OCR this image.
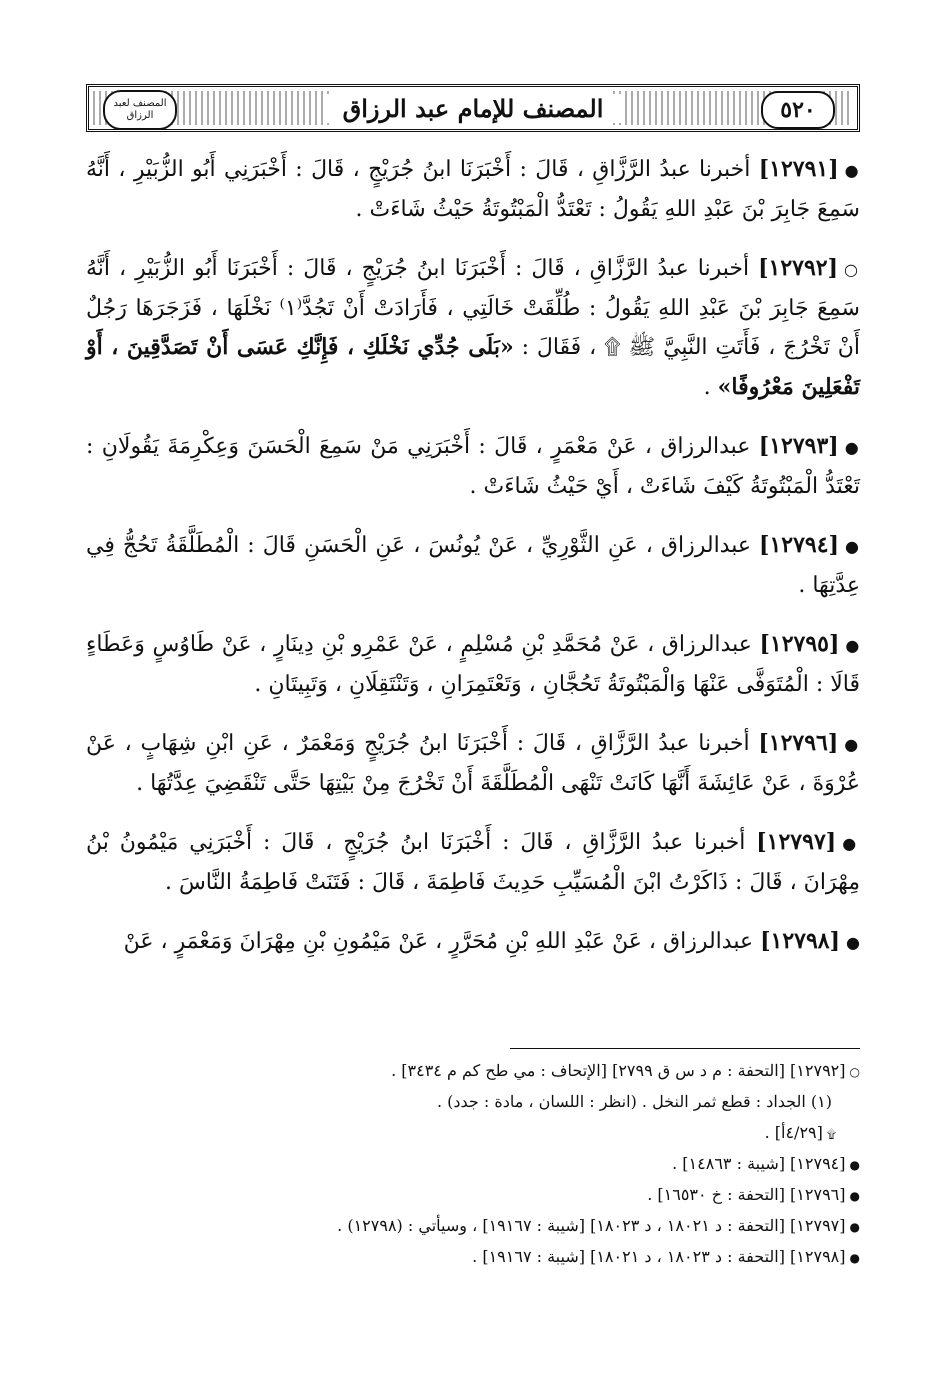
٥٢٠
المصنف للإمام عبد الرزاق
المصنف لعبد الرزاق

●[١٢٧٩١] أخبرنا عبدُ الرَّزَّاقِ ، قَالَ : أَخْبَرَنَا ابنُ جُرَيْجٍ ، قَالَ : أَخْبَرَنِي أَبُو الزُّبَيْرِ ، أَنَّهُ سَمِعَ جَابِرَ بْنَ عَبْدِ اللهِ يَقُولُ : تَعْتَدُّ الْمَبْتُوتَةُ حَيْثُ شَاءَتْ .

○[١٢٧٩٢] أخبرنا عبدُ الرَّزَّاقِ ، قَالَ : أَخْبَرَنَا ابنُ جُرَيْجٍ ، قَالَ : أَخْبَرَنَا أَبُو الزُّبَيْرِ ، أَنَّهُ سَمِعَ جَابِرَ بْنَ عَبْدِ اللهِ يَقُولُ : طُلِّقَتْ خَالَتِي ، فَأَرَادَتْ أَنْ تَجُدَّ⁽١⁾ نَخْلَهَا ، فَزَجَرَهَا رَجُلٌ أَنْ تَخْرُجَ ، فَأَتَتِ النَّبِيَّ ﷺ ۩ ، فَقَالَ : «بَلَى جُدِّي نَخْلَكِ ، فَإِنَّكِ عَسَى أَنْ تَصَدَّقِينَ ، أَوْ تَفْعَلِينَ مَعْرُوفًا» .

●[١٢٧٩٣] عبدالرزاق ، عَنْ مَعْمَرٍ ، قَالَ : أَخْبَرَنِي مَنْ سَمِعَ الْحَسَنَ وَعِكْرِمَةَ يَقُولَانِ : تَعْتَدُّ الْمَبْتُوتَةُ كَيْفَ شَاءَتْ ، أَيْ حَيْثُ شَاءَتْ .

●[١٢٧٩٤] عبدالرزاق ، عَنِ الثَّوْرِيِّ ، عَنْ يُونُسَ ، عَنِ الْحَسَنِ قَالَ : الْمُطَلَّقَةُ تَحُجُّ فِي عِدَّتِهَا .

●[١٢٧٩٥] عبدالرزاق ، عَنْ مُحَمَّدِ بْنِ مُسْلِمٍ ، عَنْ عَمْرِو بْنِ دِينَارٍ ، عَنْ طَاوُسٍ وَعَطَاءٍ قَالَا : الْمُتَوَفَّى عَنْهَا وَالْمَبْتُوتَةُ تَحُجَّانِ ، وَتَعْتَمِرَانِ ، وَتَنْتَقِلَانِ ، وَتَبِيتَانِ .

●[١٢٧٩٦] أخبرنا عبدُ الرَّزَّاقِ ، قَالَ : أَخْبَرَنَا ابنُ جُرَيْجٍ وَمَعْمَرٌ ، عَنِ ابْنِ شِهَابٍ ، عَنْ عُرْوَةَ ، عَنْ عَائِشَةَ أَنَّهَا كَانَتْ تَنْهَى الْمُطَلَّقَةَ أَنْ تَخْرُجَ مِنْ بَيْتِهَا حَتَّى تَنْقَضِيَ عِدَّتُهَا .

●[١٢٧٩٧] أخبرنا عبدُ الرَّزَّاقِ ، قَالَ : أَخْبَرَنَا ابنُ جُرَيْجٍ ، قَالَ : أَخْبَرَنِي مَيْمُونُ بْنُ مِهْرَانَ ، قَالَ : ذَاكَرْتُ ابْنَ الْمُسَيِّبِ حَدِيثَ فَاطِمَةَ ، قَالَ : فَتَنَتْ فَاطِمَةُ النَّاسَ .

●[١٢٧٩٨] عبدالرزاق ، عَنْ عَبْدِ اللهِ بْنِ مُحَرَّرٍ ، عَنْ مَيْمُونِ بْنِ مِهْرَانَ وَمَعْمَرٍ ، عَنْ

○[١٢٧٩٢] [التحفة : م د س ق ٢٧٩٩] [الإتحاف : مي طح كم م ٣٤٣٤] .
(١) الجداد : قطع ثمر النخل . (انظر : اللسان ، مادة : جدد) .
۩[٤/٢٩أ] .
●[١٢٧٩٤] [شيبة : ١٤٨٦٣] .
●[١٢٧٩٦] [التحفة : خ ١٦٥٣٠] .
●[١٢٧٩٧] [التحفة : د ١٨٠٢١ ، د ١٨٠٢٣] [شيبة : ١٩١٦٧] ، وسيأتي : (١٢٧٩٨) .
●[١٢٧٩٨] [التحفة : د ١٨٠٢٣ ، د ١٨٠٢١] [شيبة : ١٩١٦٧] .
